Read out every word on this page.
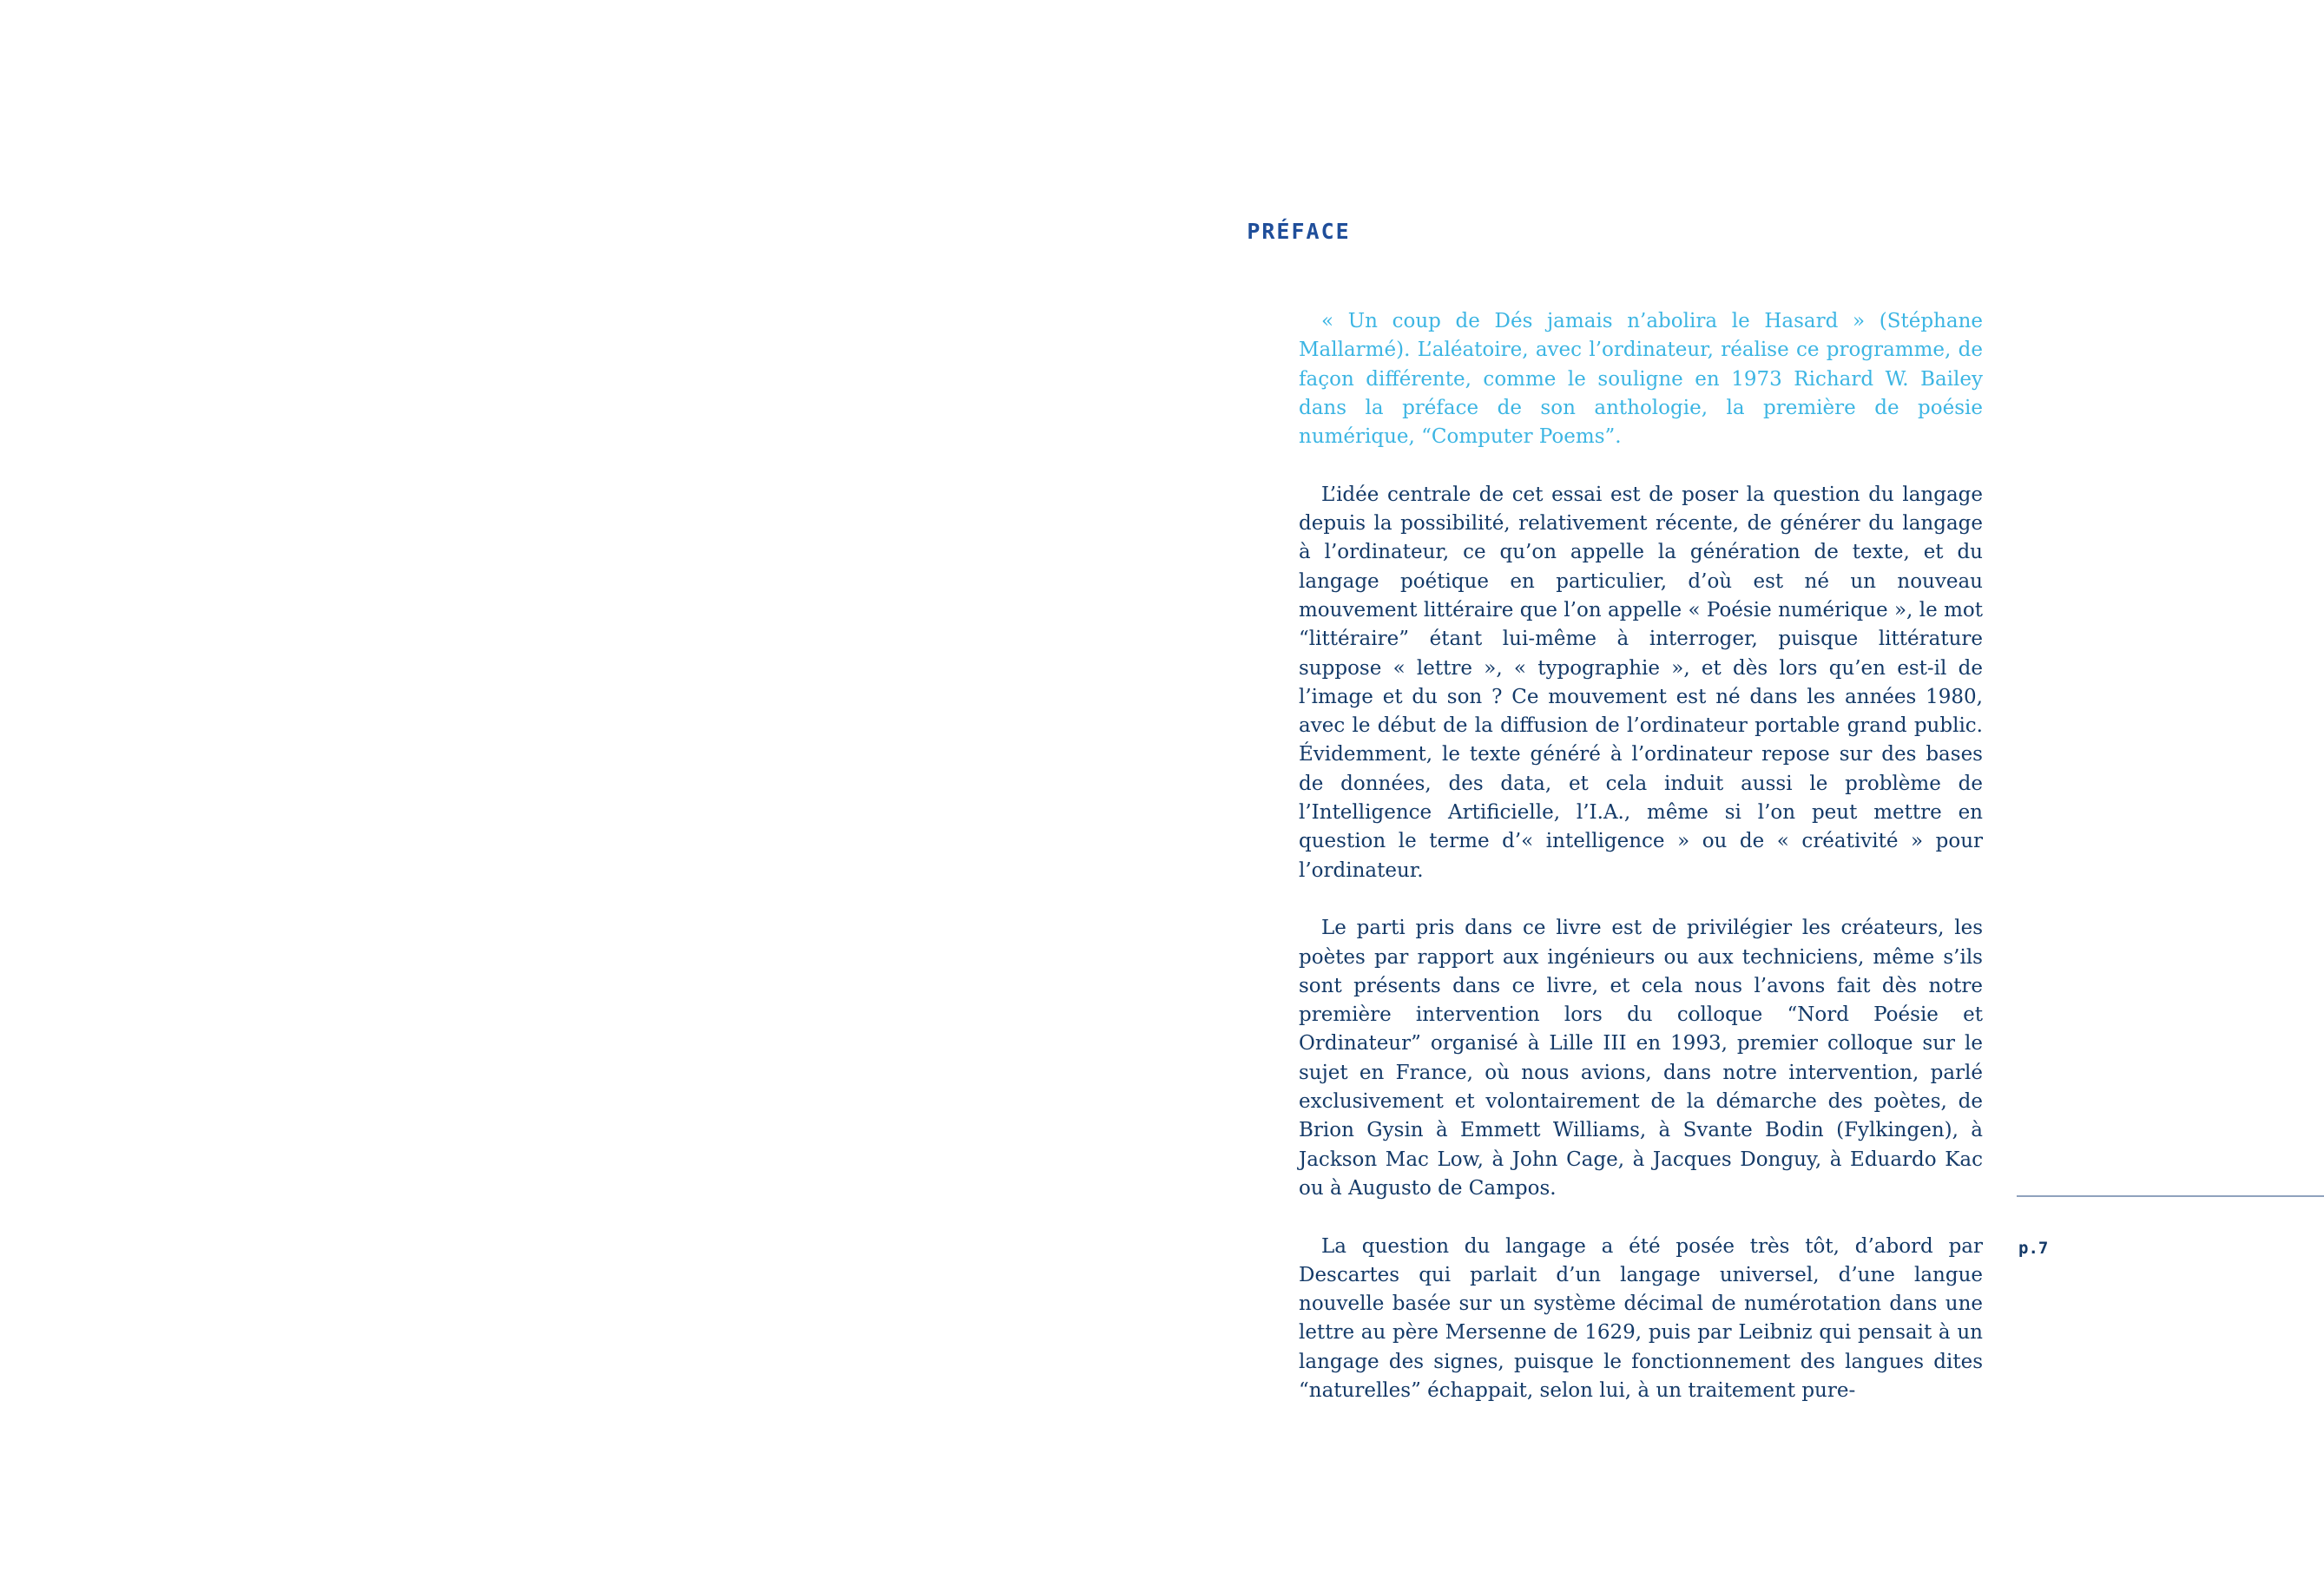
PRÉFACE

« Un coup de Dés jamais n’abolira le Hasard » (Stéphane Mallarmé). L’aléatoire, avec l’ordinateur, réalise ce programme, de façon différente, comme le souligne en 1973 Richard W. Bailey dans la préface de son anthologie, la première de poésie numérique, “Computer Poems”.

L’idée centrale de cet essai est de poser la question du langage depuis la possibilité, relativement récente, de générer du langage à l’ordinateur, ce qu’on appelle la génération de texte, et du langage poétique en particulier, d’où est né un nouveau mouvement littéraire que l’on appelle « Poésie numérique », le mot “littéraire” étant lui-même à interroger, puisque littérature suppose « lettre », « typographie », et dès lors qu’en est-il de l’image et du son ? Ce mouvement est né dans les années 1980, avec le début de la diffusion de l’ordinateur portable grand public. Évidemment, le texte généré à l’ordinateur repose sur des bases de données, des data, et cela induit aussi le problème de l’Intelligence Artificielle, l’I.A., même si l’on peut mettre en question le terme d’« intelligence » ou de « créativité » pour l’ordinateur.

Le parti pris dans ce livre est de privilégier les créateurs, les poètes par rapport aux ingénieurs ou aux techniciens, même s’ils sont présents dans ce livre, et cela nous l’avons fait dès notre première intervention lors du colloque “Nord Poésie et Ordinateur” organisé à Lille III en 1993, premier colloque sur le sujet en France, où nous avions, dans notre intervention, parlé exclusivement et volontairement de la démarche des poètes, de Brion Gysin à Emmett Williams, à Svante Bodin (Fylkingen), à Jackson Mac Low, à John Cage, à Jacques Donguy, à Eduardo Kac ou à Augusto de Campos.

La question du langage a été posée très tôt, d’abord par Descartes qui parlait d’un langage universel, d’une langue nouvelle basée sur un système décimal de numérotation dans une lettre au père Mersenne de 1629, puis par Leibniz qui pensait à un langage des signes, puisque le fonctionnement des langues dites “naturelles” échappait, selon lui, à un traitement pure-

p.7
